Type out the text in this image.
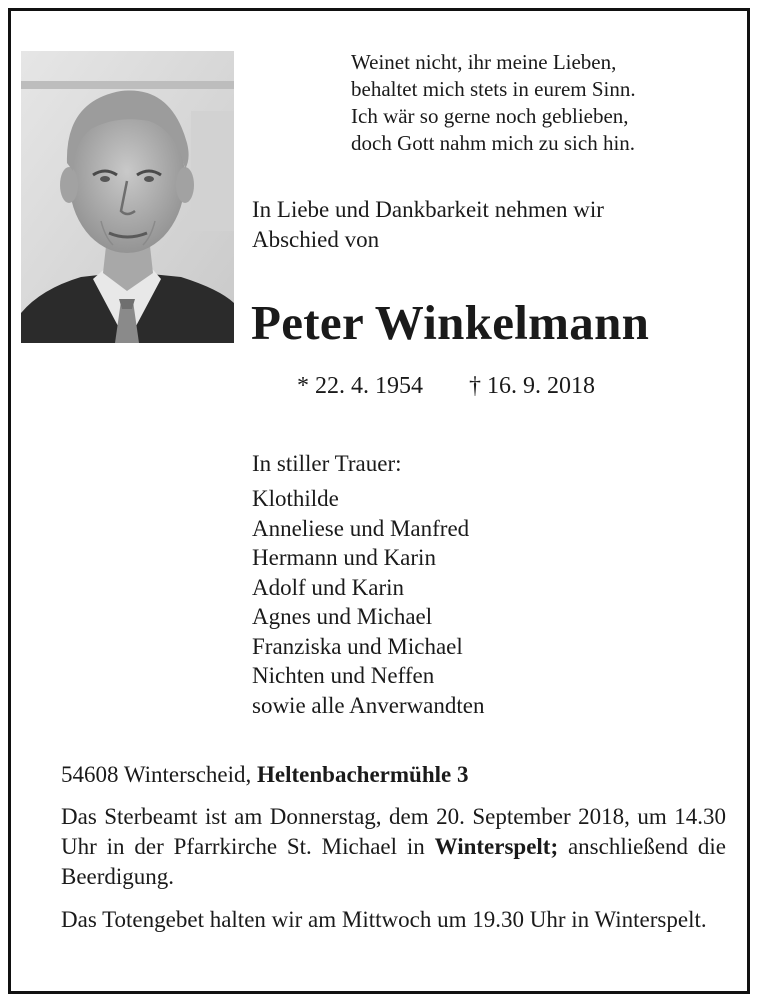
Weinet nicht, ihr meine Lieben,
behaltet mich stets in eurem Sinn.
Ich wär so gerne noch geblieben,
doch Gott nahm mich zu sich hin.
In Liebe und Dankbarkeit nehmen wir
Abschied von
Peter Winkelmann
* 22. 4. 1954 † 16. 9. 2018
In stiller Trauer:
Klothilde
Anneliese und Manfred
Hermann und Karin
Adolf und Karin
Agnes und Michael
Franziska und Michael
Nichten und Neffen
sowie alle Anverwandten
54608 Winterscheid, Heltenbachermühle 3
Das Sterbeamt ist am Donnerstag, dem 20. September 2018, um 14.30 Uhr in der Pfarrkirche St. Michael in Winterspelt; anschließend die Beerdigung.
Das Totengebet halten wir am Mittwoch um 19.30 Uhr in Winterspelt.
